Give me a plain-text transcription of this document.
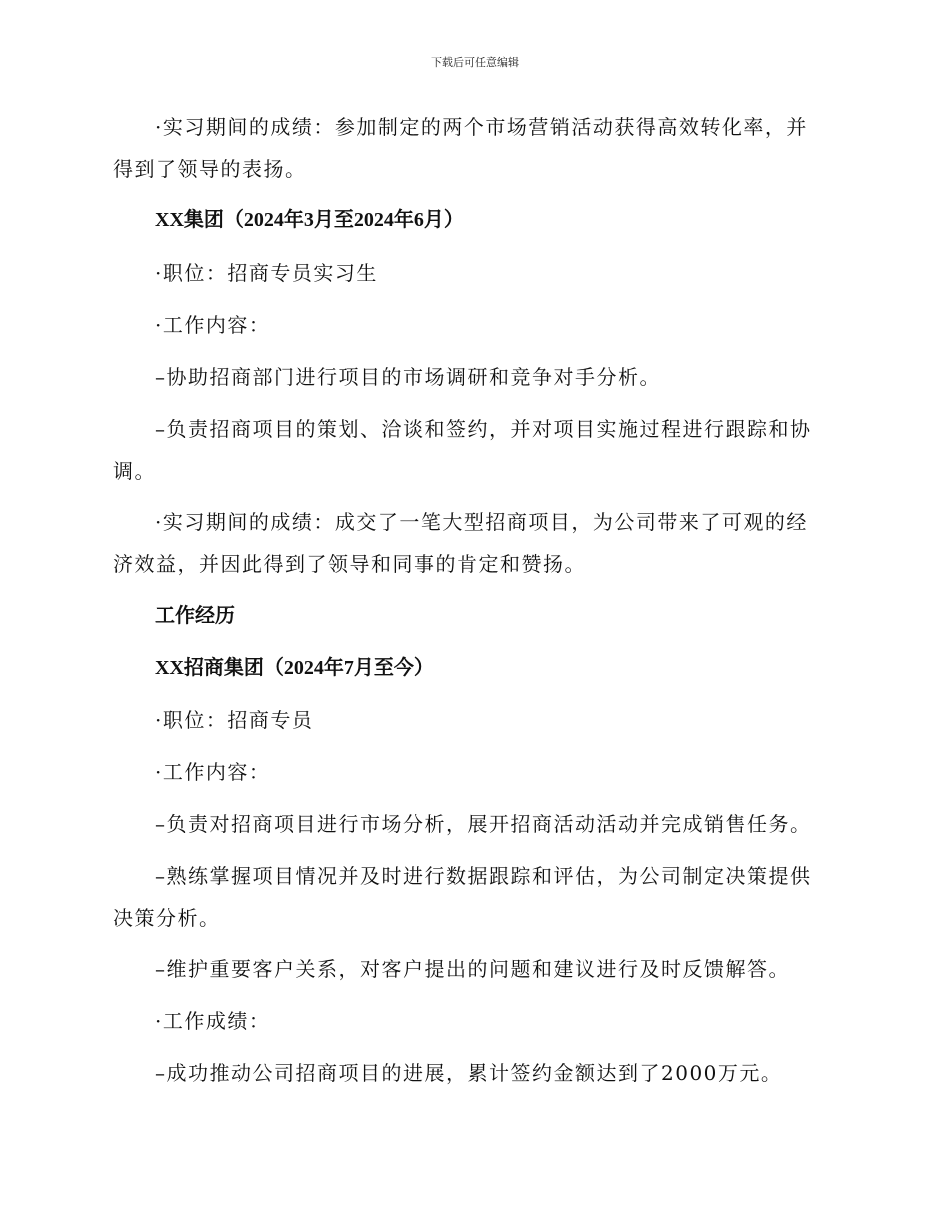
下载后可任意编辑
·实习期间的成绩：参加制定的两个市场营销活动获得高效转化率，并得到了领导的表扬。
XX集团（2024年3月至2024年6月）
·职位：招商专员实习生
·工作内容：
–协助招商部门进行项目的市场调研和竞争对手分析。
–负责招商项目的策划、洽谈和签约，并对项目实施过程进行跟踪和协调。
·实习期间的成绩：成交了一笔大型招商项目，为公司带来了可观的经济效益，并因此得到了领导和同事的肯定和赞扬。
工作经历
XX招商集团（2024年7月至今）
·职位：招商专员
·工作内容：
–负责对招商项目进行市场分析，展开招商活动活动并完成销售任务。
–熟练掌握项目情况并及时进行数据跟踪和评估，为公司制定决策提供决策分析。
–维护重要客户关系，对客户提出的问题和建议进行及时反馈解答。
·工作成绩：
–成功推动公司招商项目的进展，累计签约金额达到了2000万元。
